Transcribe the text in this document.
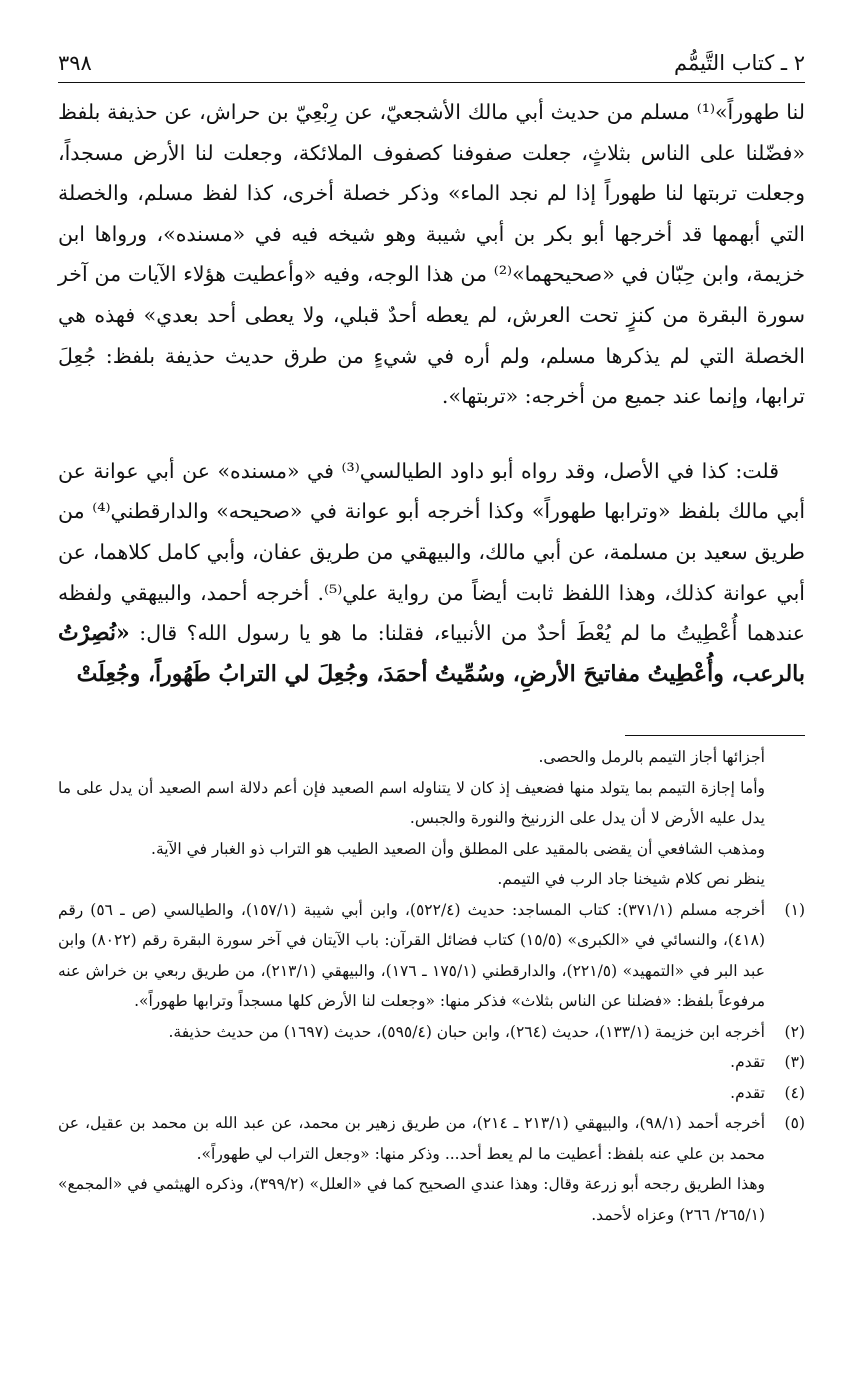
٣٩٨	٢ ـ كتاب التَّيمُّم

لنا طهوراً»⁽¹⁾ مسلم من حديث أبي مالك الأشجعيّ، عن رِبْعِيّ بن حراش، عن حذيفة بلفظ «فضّلنا على الناس بثلاثٍ، جعلت صفوفنا كصفوف الملائكة، وجعلت لنا الأرض مسجداً، وجعلت تربتها لنا طهوراً إذا لم نجد الماء» وذكر خصلة أخرى، كذا لفظ مسلم، والخصلة التي أبهمها قد أخرجها أبو بكر بن أبي شيبة وهو شيخه فيه في «مسنده»، ورواها ابن خزيمة، وابن حِبّان في «صحيحهما»⁽²⁾ من هذا الوجه، وفيه «وأعطيت هؤلاء الآيات من آخر سورة البقرة من كنزٍ تحت العرش، لم يعطه أحدٌ قبلي، ولا يعطى أحد بعدي» فهذه هي الخصلة التي لم يذكرها مسلم، ولم أره في شيءٍ من طرق حديث حذيفة بلفظ: جُعِلَ ترابها، وإنما عند جميع من أخرجه: «تربتها».

قلت: كذا في الأصل، وقد رواه أبو داود الطيالسي⁽³⁾ في «مسنده» عن أبي عوانة عن أبي مالك بلفظ «وترابها طهوراً» وكذا أخرجه أبو عوانة في «صحيحه» والدارقطني⁽⁴⁾ من طريق سعيد بن مسلمة، عن أبي مالك، والبيهقي من طريق عفان، وأبي كامل كلاهما، عن أبي عوانة كذلك، وهذا اللفظ ثابت أيضاً من رواية علي⁽⁵⁾. أخرجه أحمد، والبيهقي ولفظه عندهما أُعْطِيتُ ما لم يُعْطَ أحدٌ من الأنبياء، فقلنا: ما هو يا رسول الله؟ قال: «نُصِرْتُ بالرعب، وأُعْطِيتُ مفاتيحَ الأرضِ، وسُمِّيتُ أحمَدَ، وجُعِلَ لي الترابُ طَهُوراً، وجُعِلَتْ

أجزائها أجاز التيمم بالرمل والحصى.

وأما إجازة التيمم بما يتولد منها فضعيف إذ كان لا يتناوله اسم الصعيد فإن أعم دلالة اسم الصعيد أن يدل على ما يدل عليه الأرض لا أن يدل على الزرنيخ والنورة والجبس.

ومذهب الشافعي أن يقضى بالمقيد على المطلق وأن الصعيد الطيب هو التراب ذو الغبار في الآية.

ينظر نص كلام شيخنا جاد الرب في التيمم.

(١)
أخرجه مسلم (٣٧١/١): كتاب المساجد: حديث (٥٢٢/٤)، وابن أبي شيبة (١٥٧/١)، والطيالسي (ص ـ ٥٦) رقم (٤١٨)، والنسائي في «الكبرى» (١٥/٥) كتاب فضائل القرآن: باب الآيتان في آخر سورة البقرة رقم (٨٠٢٢) وابن عبد البر في «التمهيد» (٢٢١/٥)، والدارقطني (١٧٥/١ ـ ١٧٦)، والبيهقي (٢١٣/١)، من طريق ربعي بن خراش عنه مرفوعاً بلفظ: «فضلنا عن الناس بثلاث» فذكر منها: «وجعلت لنا الأرض كلها مسجداً وترابها طهوراً».
(٢)
أخرجه ابن خزيمة (١٣٣/١)، حديث (٢٦٤)، وابن حبان (٥٩٥/٤)، حديث (١٦٩٧) من حديث حذيفة.
(٣)
تقدم.
(٤)
تقدم.
(٥)
أخرجه أحمد (٩٨/١)، والبيهقي (٢١٣/١ ـ ٢١٤)، من طريق زهير بن محمد، عن عبد الله بن محمد بن عقيل، عن محمد بن علي عنه بلفظ: أعطيت ما لم يعط أحد... وذكر منها: «وجعل التراب لي طهوراً».

وهذا الطريق رجحه أبو زرعة وقال: وهذا عندي الصحيح كما في «العلل» (٣٩٩/٢)، وذكره الهيثمي في «المجمع» (٢٦٥/١/ ٢٦٦) وعزاه لأحمد.
